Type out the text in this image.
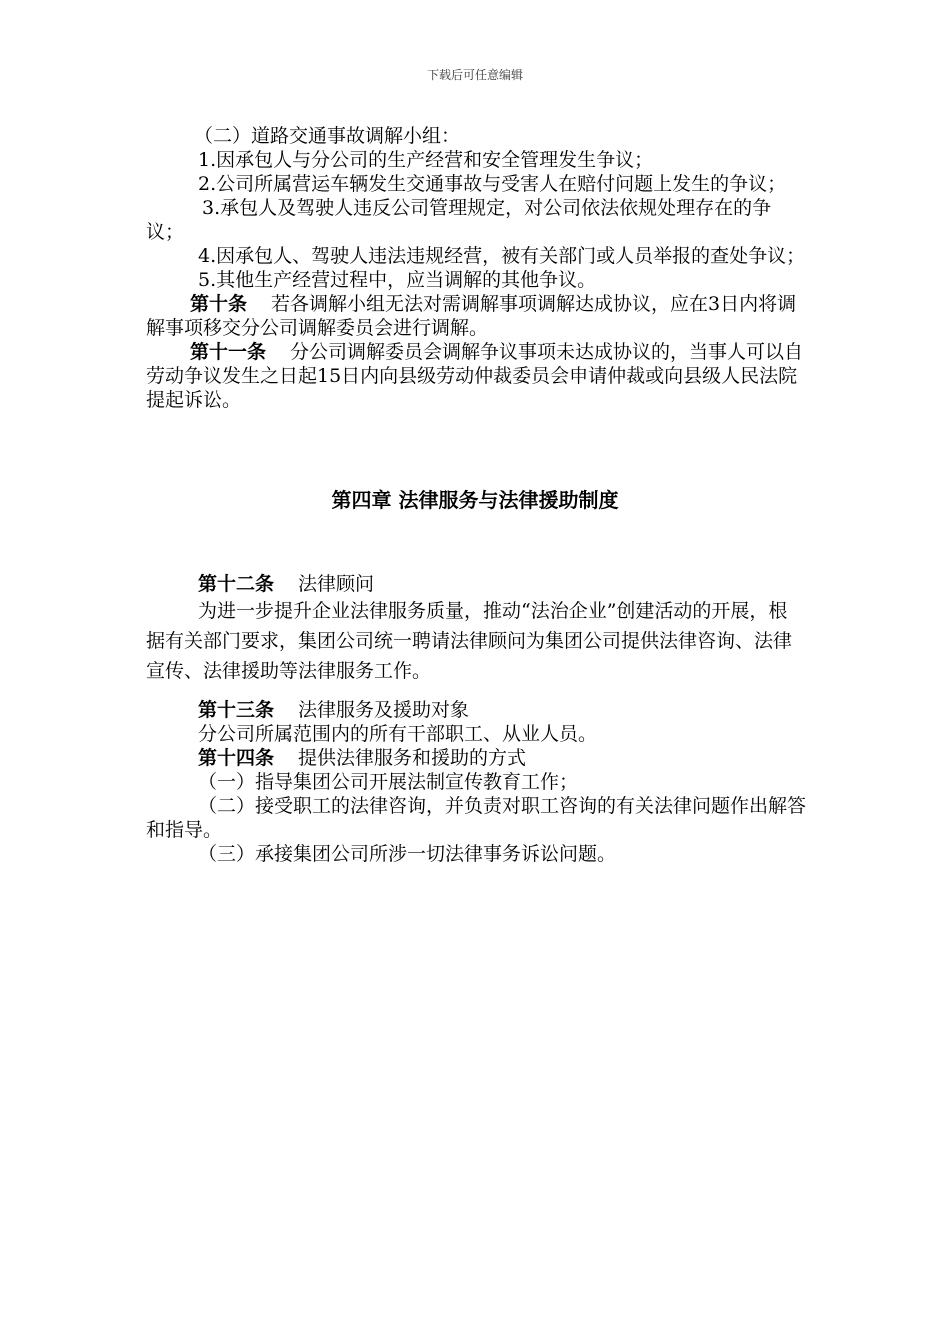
下载后可任意编辑
（二）道路交通事故调解小组：
1.因承包人与分公司的生产经营和安全管理发生争议；
2.公司所属营运车辆发生交通事故与受害人在赔付问题上发生的争议；
3.承包人及驾驶人违反公司管理规定，对公司依法依规处理存在的争议；
4.因承包人、驾驶人违法违规经营，被有关部门或人员举报的查处争议；
5.其他生产经营过程中，应当调解的其他争议。
第十条 若各调解小组无法对需调解事项调解达成协议，应在3日内将调解事项移交分公司调解委员会进行调解。
第十一条 分公司调解委员会调解争议事项未达成协议的，当事人可以自劳动争议发生之日起15日内向县级劳动仲裁委员会申请仲裁或向县级人民法院提起诉讼。
第四章 法律服务与法律援助制度
第十二条 法律顾问
为进一步提升企业法律服务质量，推动“法治企业”创建活动的开展，根据有关部门要求，集团公司统一聘请法律顾问为集团公司提供法律咨询、法律宣传、法律援助等法律服务工作。
第十三条 法律服务及援助对象
分公司所属范围内的所有干部职工、从业人员。
第十四条 提供法律服务和援助的方式
（一）指导集团公司开展法制宣传教育工作；
（二）接受职工的法律咨询，并负责对职工咨询的有关法律问题作出解答和指导。
（三）承接集团公司所涉一切法律事务诉讼问题。
